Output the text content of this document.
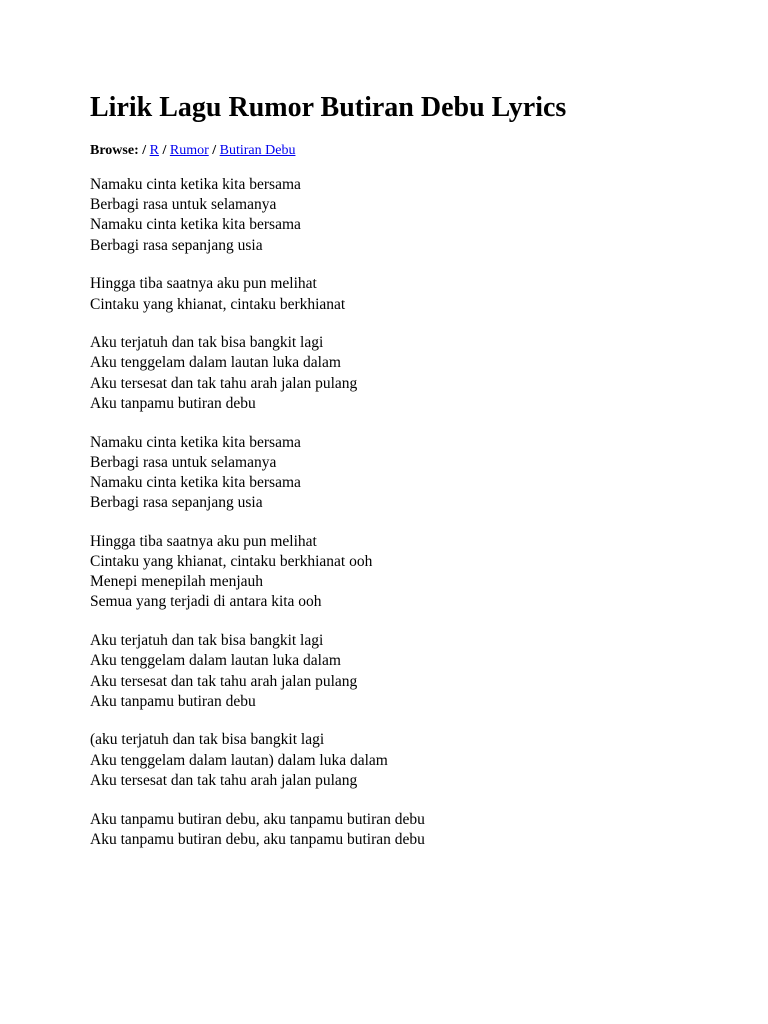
Lirik Lagu Rumor Butiran Debu Lyrics
Browse: / R / Rumor / Butiran Debu
Namaku cinta ketika kita bersama
Berbagi rasa untuk selamanya
Namaku cinta ketika kita bersama
Berbagi rasa sepanjang usia
Hingga tiba saatnya aku pun melihat
Cintaku yang khianat, cintaku berkhianat
Aku terjatuh dan tak bisa bangkit lagi
Aku tenggelam dalam lautan luka dalam
Aku tersesat dan tak tahu arah jalan pulang
Aku tanpamu butiran debu
Namaku cinta ketika kita bersama
Berbagi rasa untuk selamanya
Namaku cinta ketika kita bersama
Berbagi rasa sepanjang usia
Hingga tiba saatnya aku pun melihat
Cintaku yang khianat, cintaku berkhianat ooh
Menepi menepilah menjauh
Semua yang terjadi di antara kita ooh
Aku terjatuh dan tak bisa bangkit lagi
Aku tenggelam dalam lautan luka dalam
Aku tersesat dan tak tahu arah jalan pulang
Aku tanpamu butiran debu
(aku terjatuh dan tak bisa bangkit lagi
Aku tenggelam dalam lautan) dalam luka dalam
Aku tersesat dan tak tahu arah jalan pulang
Aku tanpamu butiran debu, aku tanpamu butiran debu
Aku tanpamu butiran debu, aku tanpamu butiran debu
